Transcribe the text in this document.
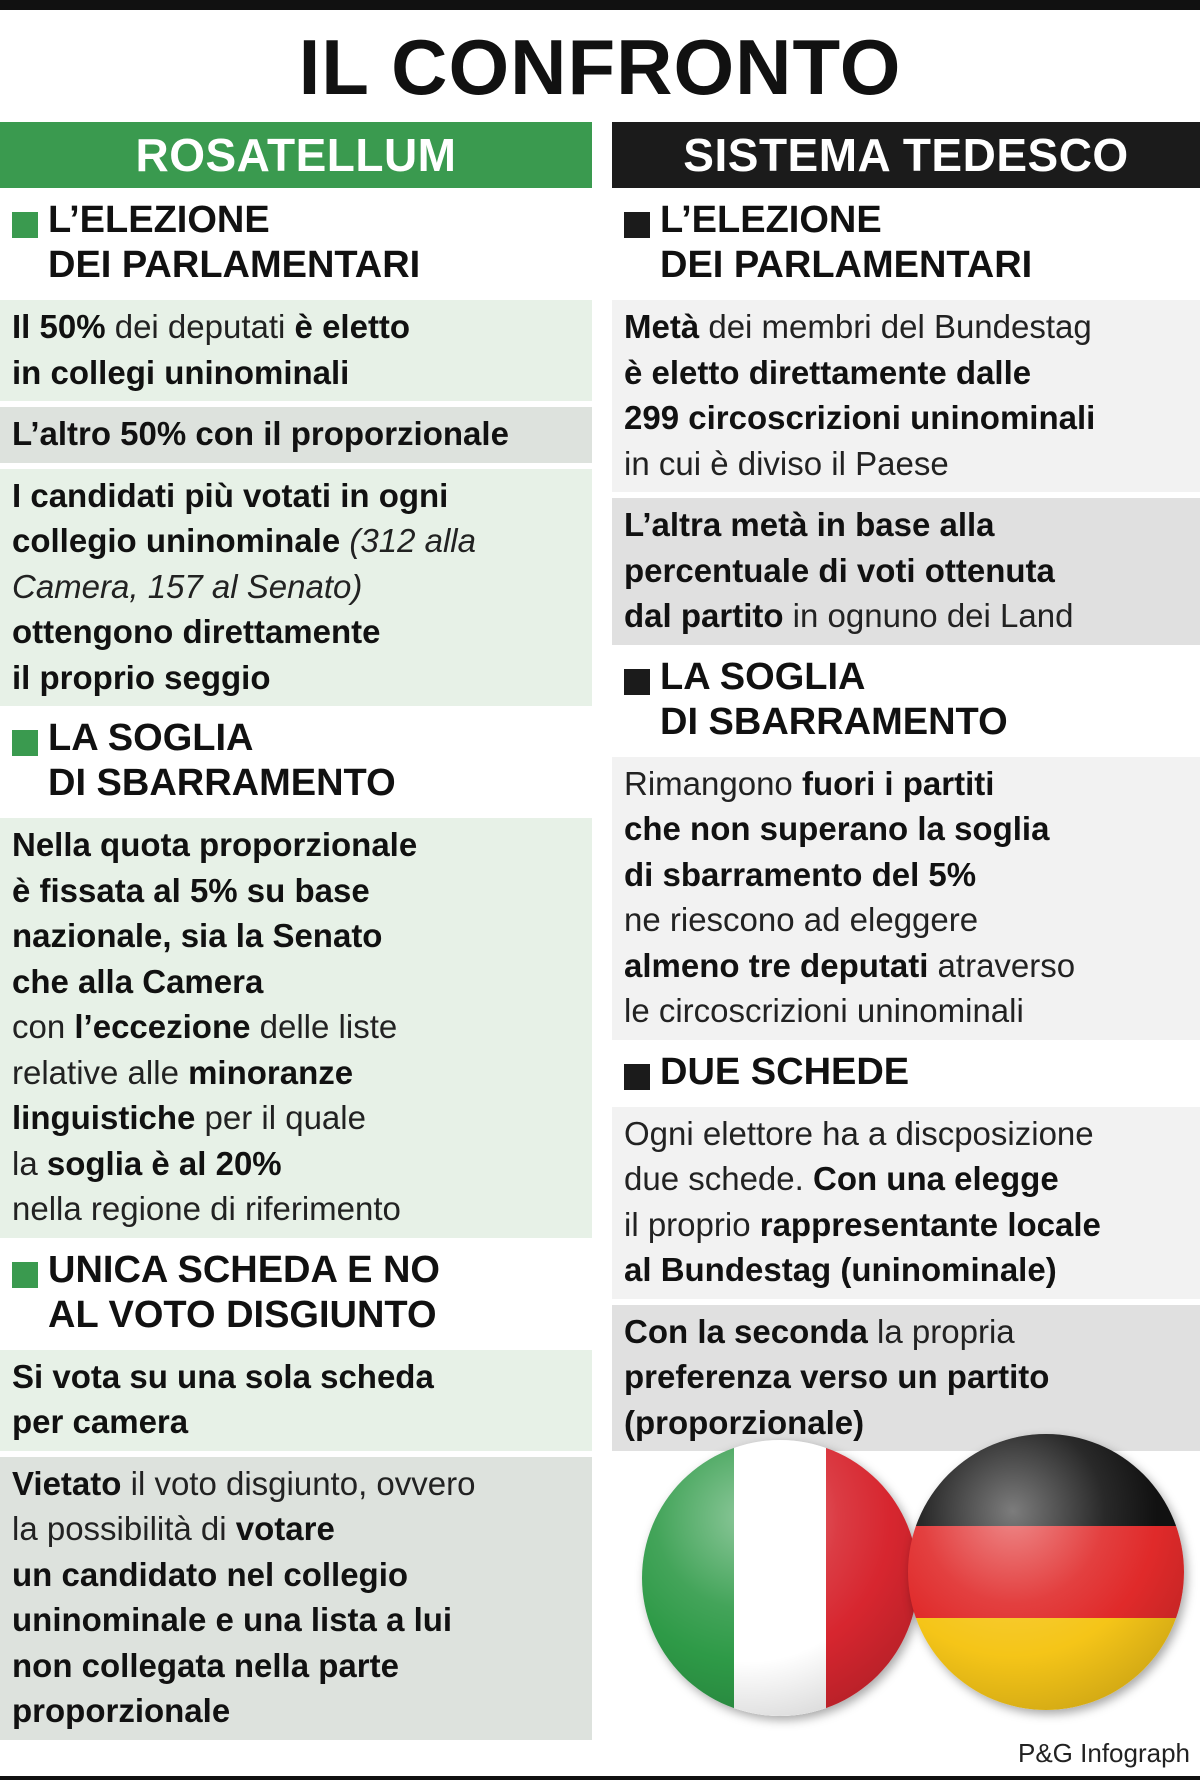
IL CONFRONTO
ROSATELLUM
L’ELEZIONE
DEI PARLAMENTARI
Il 50% dei deputati è eletto
in collegi uninominali
L’altro 50% con il proporzionale
I candidati più votati in ogni
collegio uninominale (312 alla
Camera, 157 al Senato)
ottengono direttamente
il proprio seggio
LA SOGLIA
DI SBARRAMENTO
Nella quota proporzionale
è fissata al 5% su base
nazionale, sia la Senato
che alla Camera
con l’eccezione delle liste
relative alle minoranze
linguistiche per il quale
la soglia è al 20%
nella regione di riferimento
UNICA SCHEDA E NO
AL VOTO DISGIUNTO
Si vota su una sola scheda
per camera
Vietato il voto disgiunto, ovvero
la possibilità di votare
un candidato nel collegio
uninominale e una lista a lui
non collegata nella parte
proporzionale
SISTEMA TEDESCO
L’ELEZIONE
DEI PARLAMENTARI
Metà dei membri del Bundestag
è eletto direttamente dalle
299 circoscrizioni uninominali
in cui è diviso il Paese
L’altra metà in base alla
percentuale di voti ottenuta
dal partito in ognuno dei Land
LA SOGLIA
DI SBARRAMENTO
Rimangono fuori i partiti
che non superano la soglia
di sbarramento del 5%
ne riescono ad eleggere
almeno tre deputati atraverso
le circoscrizioni uninominali
DUE SCHEDE
Ogni elettore ha a discposizione
due schede. Con una elegge
il proprio rappresentante locale
al Bundestag (uninominale)
Con la seconda la propria
preferenza verso un partito
(proporzionale)
P&G Infograph
